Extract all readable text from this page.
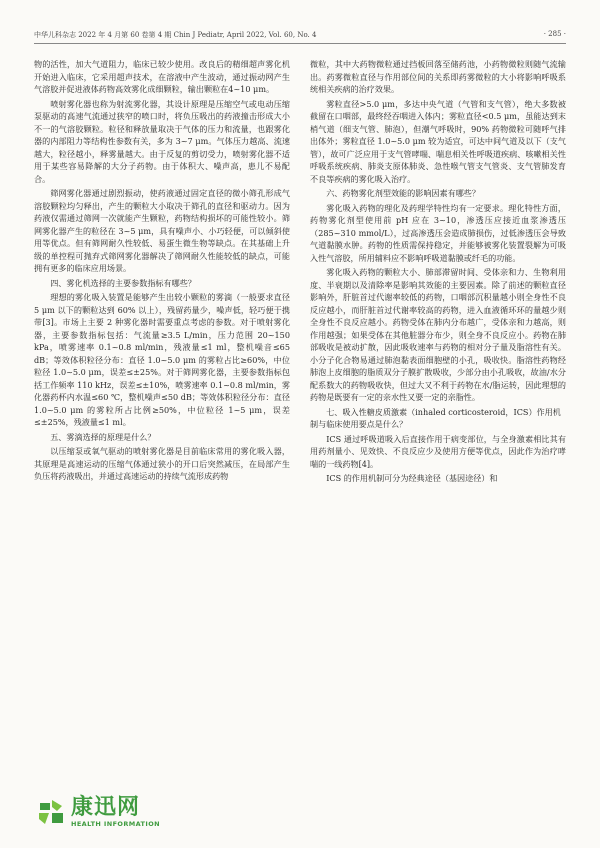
中华儿科杂志 2022 年 4 月第 60 卷第 4 期 Chin J Pediatr, April 2022, Vol. 60, No. 4	· 285 ·

物的活性，加大气道阻力，临床已较少使用。改良后的精细超声雾化机开始进入临床，它采用超声技术，在溶液中产生波动，通过振动网产生气溶胶并促进液体药物高效雾化成细颗粒，输出颗粒在4~10 μm。

喷射雾化器也称为射流雾化器，其设计原理是压缩空气或电动压缩泵驱动的高速气流通过狭窄的喷口时，将负压吸出的药液撞击形成大小不一的气溶胶颗粒。粒径和释放量取决于气体的压力和流量，也跟雾化器的内部阻力等结构性参数有关，多为 3~7 μm。气体压力越高、流速越大，粒径越小，释雾量越大。由于反复的剪切受力，喷射雾化器不适用于某些容易降解的大分子药物。由于体积大、噪声高，患儿不易配合。

筛网雾化器通过剧烈振动，使药液通过固定直径的微小筛孔形成气溶胶颗粒均匀释出，产生的颗粒大小取决于筛孔的直径和驱动力。因为药液仅需通过筛网一次就能产生颗粒，药物结构损坏的可能性较小。筛网雾化器产生的粒径在 3~5 μm，具有噪声小、小巧轻便，可以倾斜使用等优点。但有筛网耐久性较低、易蛋生微生物等缺点。在其基础上升级的单控程可抛弃式筛网雾化器解决了筛网耐久性能较低的缺点，可能拥有更多的临床应用场景。

四、雾化机选择的主要参数指标有哪些？

理想的雾化吸入装置是能够产生出较小颗粒的雾滴（一般要求直径 5 μm 以下的颗粒达到 60% 以上），残留药量少，噪声低，轻巧便于携带[3]。市场上主要 2 种雾化器时需要重点考虑的参数。对于喷射雾化器，主要参数指标包括：气流量≥3.5 L/min，压力范围 20~150 kPa，喷雾速率 0.1~0.8 ml/min，残液量≤1 ml，整机噪音≤65 dB；等效体积粒径分布：直径 1.0~5.0 μm 的雾粒占比≥60%，中位粒径 1.0~5.0 μm，误差≤±25%。对于筛网雾化器，主要参数指标包括工作频率 110 kHz，误差≤±10%，喷雾速率 0.1~0.8 ml/min，雾化器药杯内水温≤60 ℃，整机噪声≤50 dB；等效体积粒径分布：直径 1.0~5.0 μm 的雾粒所占比例≥50%，中位粒径 1~5 μm，误差≤±25%，残液量≤1 ml。

五、雾滴选择的原理是什么？

以压缩泵或氧气驱动的喷射雾化器是目前临床常用的雾化吸入器，其原理是高速运动的压缩气体通过狭小的开口后突然减压，在局部产生负压将药液吸出，并通过高速运动的持续气流形成药物

微粒，其中大药物微粒通过挡板回落至储药池，小药物微粒则随气流输出。药雾微粒直径与作用部位间的关系即药雾微粒的大小将影响呼吸系统相关疾病的治疗效果。

雾粒直径>5.0 μm，多达中央气道（气管和支气管），绝大多数被截留在口咽部，最终经吞咽进入体内；雾粒直径<0.5 μm，虽能达到末梢气道（细支气管、肺泡），但潮气呼吸时，90% 药物微粒可随呼气排出体外；雾粒直径 1.0~5.0 μm 较为适宜，可达中间气道及以下（支气管），故可广泛应用于支气管哮喘、喘息相关性呼吸道疾病、咳嗽相关性呼吸系统疾病、肺炎支原体肺炎、急性喉气管支气管炎、支气管肺发育不良等疾病的雾化吸入治疗。

六、药物雾化剂型效能的影响因素有哪些？

雾化吸入药物的理化及药理学特性均有一定要求。理化特性方面，药物雾化剂型使用前 pH 应在 3~10，渗透压应接近血浆渗透压（285~310 mmol/L），过高渗透压会造成肺损伤，过低渗透压会导致气道黏膜水肿。药物的性质需保持稳定，并能够被雾化装置裂解为可吸入性气溶胶，所用辅料应不影响呼吸道黏膜或纤毛的功能。

雾化吸入药物的颗粒大小、肺部滞留时间、受体亲和力、生物利用度、半衰期以及清除率是影响其效能的主要因素。除了前述的颗粒直径影响外，肝脏首过代谢率较低的药物，口咽部沉积量越小则全身性不良反应越小，而肝脏首过代谢率较高的药物，进入血液循环环的量越少则全身性不良反应越小。药物受体在肺内分布越广，受体亲和力越高，则作用越强；如果受体在其他脏器分布少，则全身不良反应小。药物在肺部吸收是被动扩散，因此吸收速率与药物的相对分子量及脂溶性有关。小分子化合物易通过肺泡黏表面细胞壁的小孔，吸收快。脂溶性药物经肺泡上皮细胞的脂质双分子膜扩散吸收，少部分由小孔吸收，故油/水分配系数大的药物吸收快，但过大又不利于药物在水/脂运转，因此理想的药物是既要有一定的亲水性又要一定的亲脂性。

七、吸入性糖皮质激素（inhaled corticosteroid，ICS）作用机制与临床使用要点是什么？

ICS 通过呼吸道吸入后直接作用于病变部位，与全身激素相比其有用药剂量小、见效快、不良反应少及使用方便等优点，因此作为治疗哮喘的一线药物[4]。

ICS 的作用机制可分为经典途径（基因途径）和

康迅网
HEALTH INFORMATION
